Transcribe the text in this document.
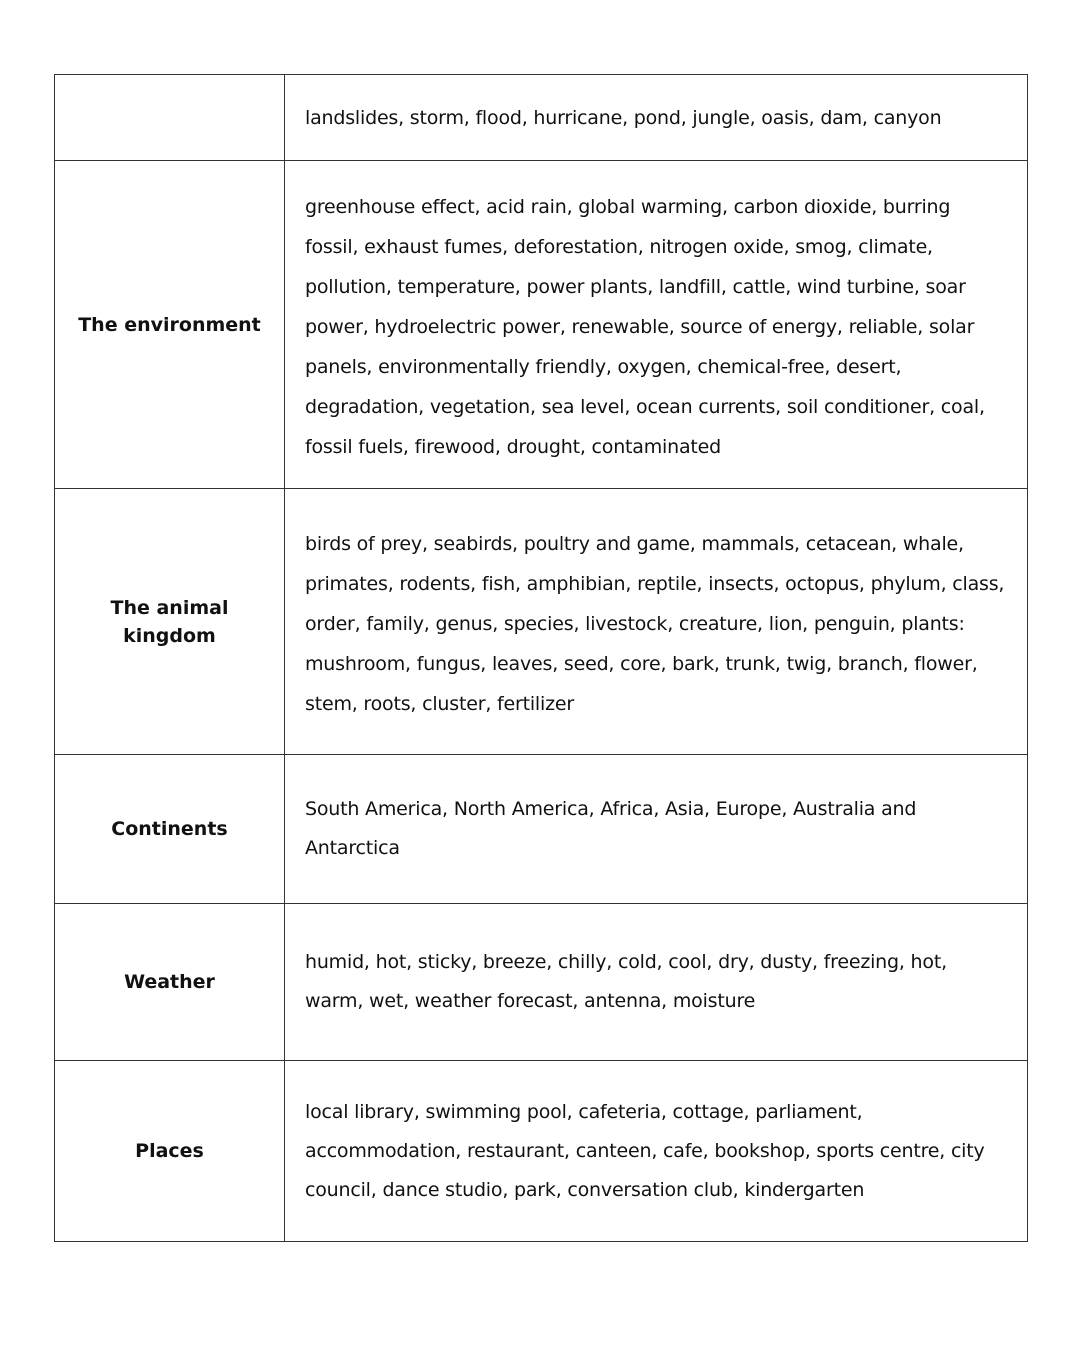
	landslides, storm, flood, hurricane, pond, jungle, oasis, dam, canyon
The environment	greenhouse effect, acid rain, global warming, carbon dioxide, burring fossil, exhaust fumes, deforestation, nitrogen oxide, smog, climate, pollution, temperature, power plants, landfill, cattle, wind turbine, soar power, hydroelectric power, renewable, source of energy, reliable, solar panels, environmentally friendly, oxygen, chemical-free, desert, degradation, vegetation, sea level, ocean currents, soil conditioner, coal, fossil fuels, firewood, drought, contaminated
The animal kingdom	birds of prey, seabirds, poultry and game, mammals, cetacean, whale, primates, rodents, fish, amphibian, reptile, insects, octopus, phylum, class, order, family, genus, species, livestock, creature, lion, penguin, plants: mushroom, fungus, leaves, seed, core, bark, trunk, twig, branch, flower, stem, roots, cluster, fertilizer
Continents	South America, North America, Africa, Asia, Europe, Australia and Antarctica
Weather	humid, hot, sticky, breeze, chilly, cold, cool, dry, dusty, freezing, hot, warm, wet, weather forecast, antenna, moisture
Places	local library, swimming pool, cafeteria, cottage, parliament, accommodation, restaurant, canteen, cafe, bookshop, sports centre, city council, dance studio, park, conversation club, kindergarten
